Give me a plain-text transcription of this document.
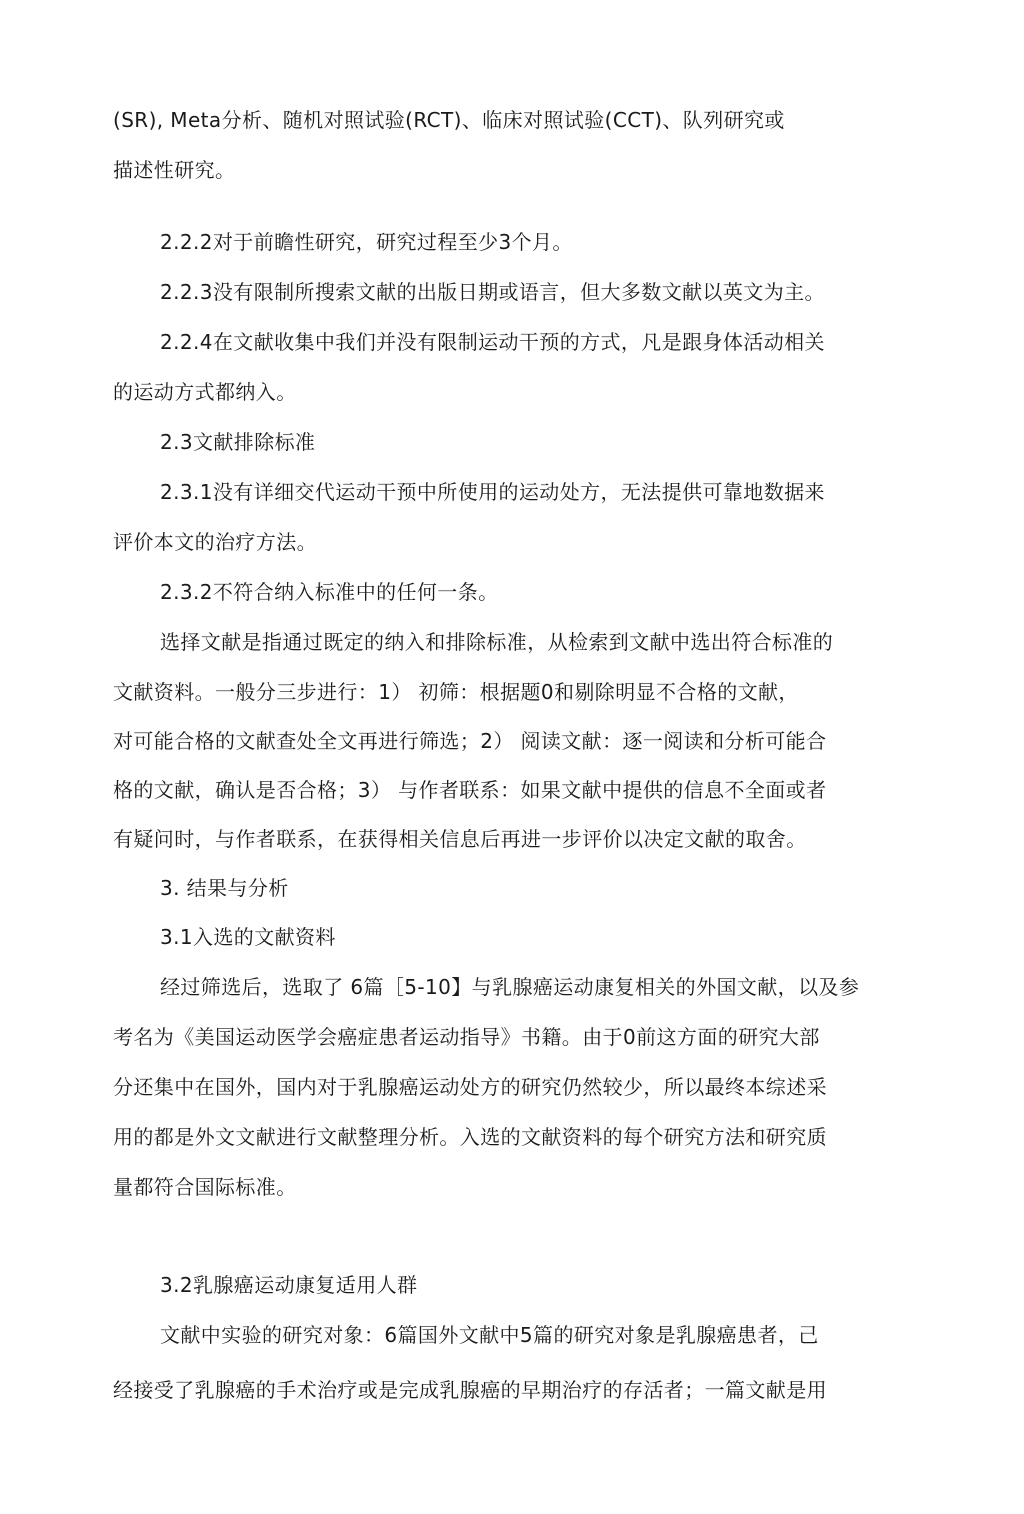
(SR), Meta分析、随机对照试验(RCT)、临床对照试验(CCT)、队列研究或
描述性研究。
2.2.2对于前瞻性研究，研究过程至少3个月。
2.2.3没有限制所搜索文献的出版日期或语言，但大多数文献以英文为主。
2.2.4在文献收集中我们并没有限制运动干预的方式，凡是跟身体活动相关
的运动方式都纳入。
2.3文献排除标准
2.3.1没有详细交代运动干预中所使用的运动处方，无法提供可靠地数据来
评价本文的治疗方法。
2.3.2不符合纳入标准中的任何一条。
选择文献是指通过既定的纳入和排除标准，从检索到文献中选出符合标准的
文献资料。一般分三步进行：1） 初筛：根据题0和剔除明显不合格的文献，
对可能合格的文献查处全文再进行筛选；2） 阅读文献：逐一阅读和分析可能合
格的文献，确认是否合格；3） 与作者联系：如果文献中提供的信息不全面或者
有疑问时，与作者联系，在获得相关信息后再进一步评价以决定文献的取舍。
3. 结果与分析
3.1入选的文献资料
经过筛选后，选取了 6篇［5-10】与乳腺癌运动康复相关的外国文献，以及参
考名为《美国运动医学会癌症患者运动指导》书籍。由于0前这方面的研究大部
分还集中在国外，国内对于乳腺癌运动处方的研究仍然较少，所以最终本综述采
用的都是外文文献进行文献整理分析。入选的文献资料的每个研究方法和研究质
量都符合国际标准。
3.2乳腺癌运动康复适用人群
文献中实验的研究对象：6篇国外文献中5篇的研究对象是乳腺癌患者，己
经接受了乳腺癌的手术治疗或是完成乳腺癌的早期治疗的存活者；一篇文献是用
